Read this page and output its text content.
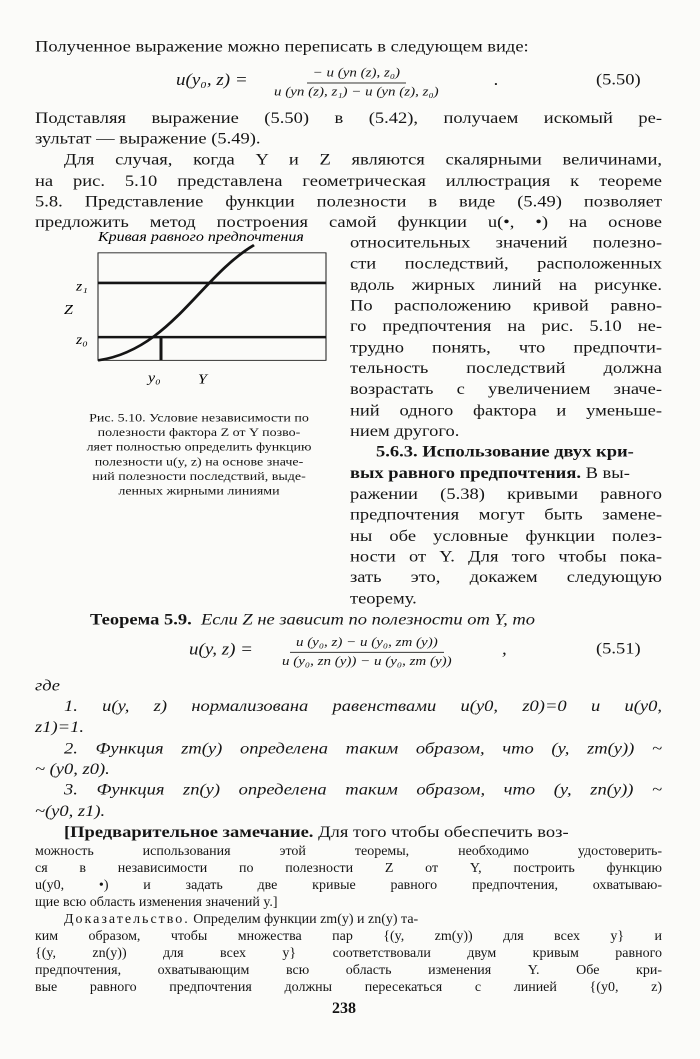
Полученное выражение можно переписать в следующем виде:
u(y₀, $z) = \frac{\text{− u (yn (z), z₀)}}{\text{u (yn (z), z₁) − u (yn (z), z₀)}}$	.	(5.50)
Подставляя выражение (5.50) в (5.42), получаем искомый ре-
зультат — выражение (5.49).
Для случая, когда Y и Z являются скалярными величинами,
на рис. 5.10 представлена геометрическая иллюстрация к теореме
5.8. Представление функции полезности в виде (5.49) позволяет
предложить метод построения самой функции u(•, •) на основе
Кривая равного предпочтения
z₁
Z
z₀
y₀ Y
Рис. 5.10. Условие независимости по
полезности фактора Z от Y позво-
ляет полностью определить функцию
полезности u(y, z) на основе значе-
ний полезности последствий, выде-
ленных жирными линиями
относительных значений полезно-
сти последствий, расположенных
вдоль жирных линий на рисунке.
По расположению кривой равно-
го предпочтения на рис. 5.10 не-
трудно понять, что предпочти-
тельность последствий должна
возрастать с увеличением значе-
ний одного фактора и уменьше-
нием другого.
5.6.3. Использование двух кри-
вых равного предпочтения. В вы-
ражении (5.38) кривыми равного
предпочтения могут быть замене-
ны обе условные функции полез-
ности от Y. Для того чтобы пока-
зать это, докажем следующую
теорему.
Теорема 5.9. Если Z не зависит по полезности от Y, то
u(y, $z) = \frac{\text{u (y₀, z) − u (y₀, zm (y))}}{\text{u (y₀, zn (y)) − u (y₀, zm (y))}}$ ,	(5.51)
где
1. u(y, z) нормализована равенствами u(y0, z0)=0 и u(y0,
z1)=1.
2. Функция zm(y) определена таким образом, что (y, zm(y)) ~
~ (y0, z0).
3. Функция zn(y) определена таким образом, что (y, zn(y)) ~
~(y0, z1).
[Предварительное замечание. Для того чтобы обеспечить воз-
можность использования этой теоремы, необходимо удостоверить-
ся в независимости по полезности Z от Y, построить функцию
u(y0, •) и задать две кривые равного предпочтения, охватываю-
щие всю область изменения значений y.]
Доказательство. Определим функции zm(y) и zn(y) та-
ким образом, чтобы множества пар {(y, zm(y)) для всех y} и
{(y, zn(y)) для всех y} соответствовали двум кривым равного
предпочтения, охватывающим всю область изменения Y. Обе кри-
вые равного предпочтения должны пересекаться с линией {(y0, z)
238
